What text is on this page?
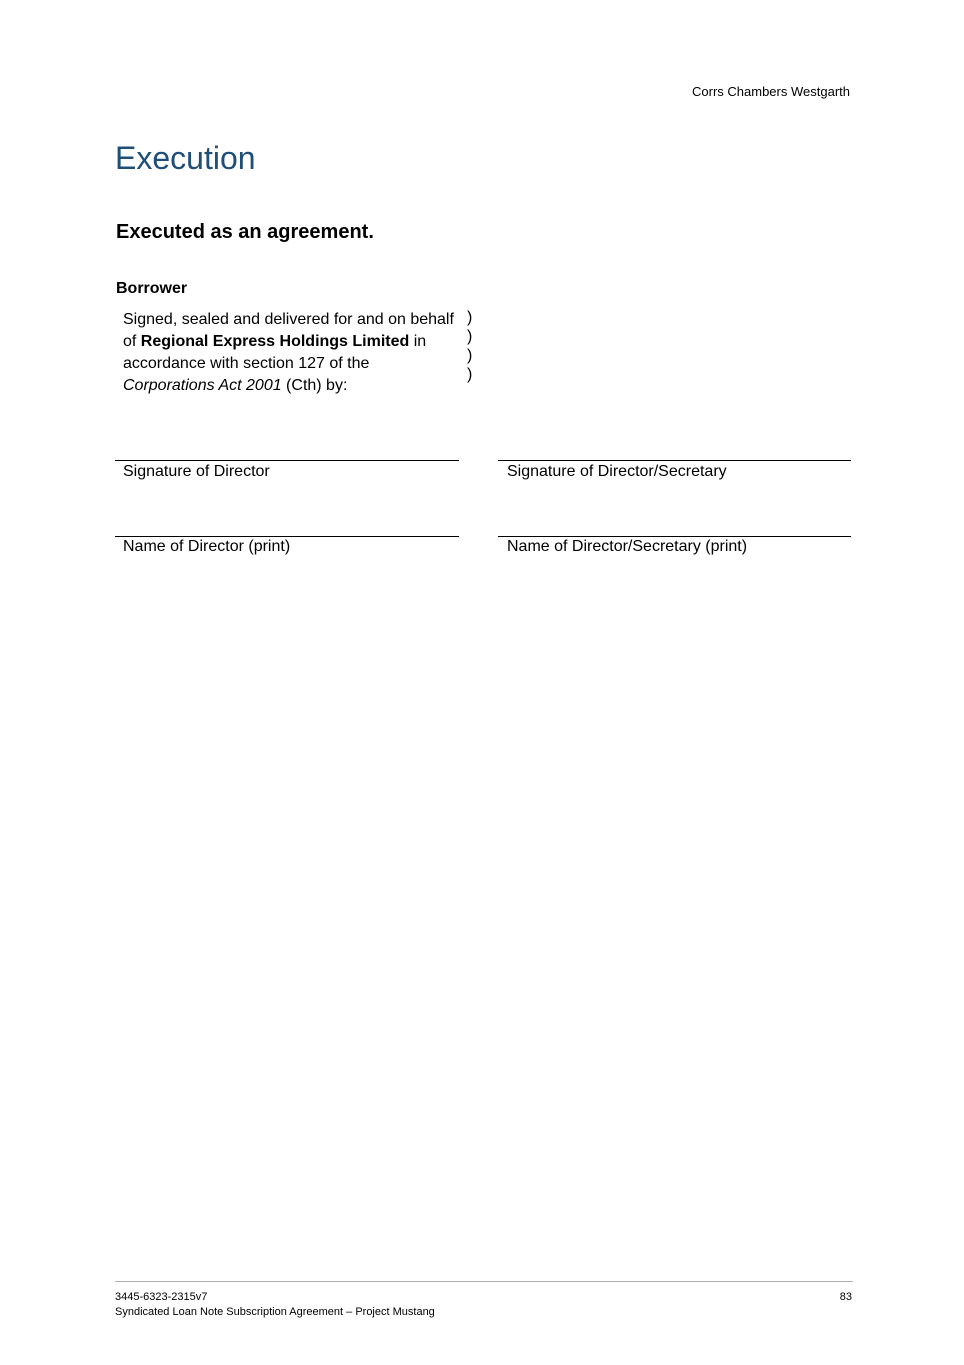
Corrs Chambers Westgarth
Execution
Executed as an agreement.
Borrower
Signed, sealed and delivered for and on behalf of Regional Express Holdings Limited in accordance with section 127 of the Corporations Act 2001 (Cth) by:
)
)
)
)
Signature of Director	Signature of Director/Secretary
Name of Director (print)	Name of Director/Secretary (print)
3445-6323-2315v7
Syndicated Loan Note Subscription Agreement – Project Mustang
83
